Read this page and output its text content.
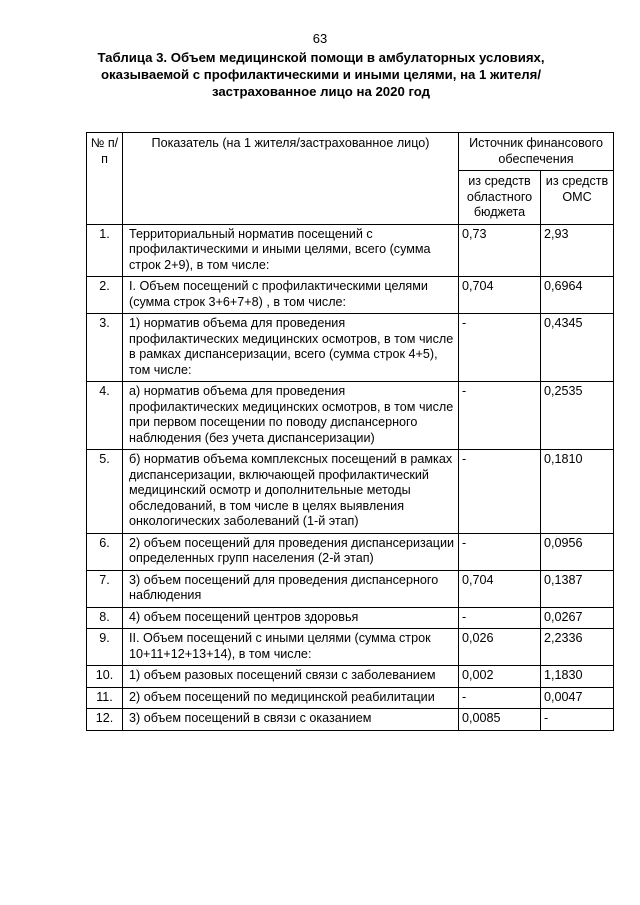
63
Таблица 3. Объем медицинской помощи в амбулаторных условиях, оказываемой с профилактическими и иными целями, на 1 жителя/застрахованное лицо на 2020 год
№ п/п	Показатель (на 1 жителя/застрахованное лицо)	Источник финансового обеспечения	
		из средств областного бюджета	из средств ОМС
1.	Территориальный норматив посещений с профилактическими и иными целями, всего (сумма строк 2+9), в том числе:	0,73	2,93
2.	I. Объем посещений с профилактическими целями (сумма строк 3+6+7+8) , в том числе:	0,704	0,6964
3.	1) норматив объема для проведения профилактических медицинских осмотров, в том числе в рамках диспансеризации, всего (сумма строк 4+5), том числе:	-	0,4345
4.	а) норматив объема для проведения профилактических медицинских осмотров, в том числе при первом посещении по поводу диспансерного наблюдения (без учета диспансеризации)	-	0,2535
5.	б) норматив объема комплексных посещений в рамках диспансеризации, включающей профилактический медицинский осмотр и дополнительные методы обследований, в том числе в целях выявления онкологических заболеваний (1-й этап)	-	0,1810
6.	2) объем посещений для проведения диспансеризации определенных групп населения (2-й этап)	-	0,0956
7.	3) объем посещений для проведения диспансерного наблюдения	0,704	0,1387
8.	4) объем посещений центров здоровья	-	0,0267
9.	II. Объем посещений с иными целями (сумма строк 10+11+12+13+14), в том числе:	0,026	2,2336
10.	1) объем разовых посещений связи с заболеванием	0,002	1,1830
11.	2) объем посещений по медицинской реабилитации	-	0,0047
12.	3) объем посещений в связи с оказанием	0,0085	-
